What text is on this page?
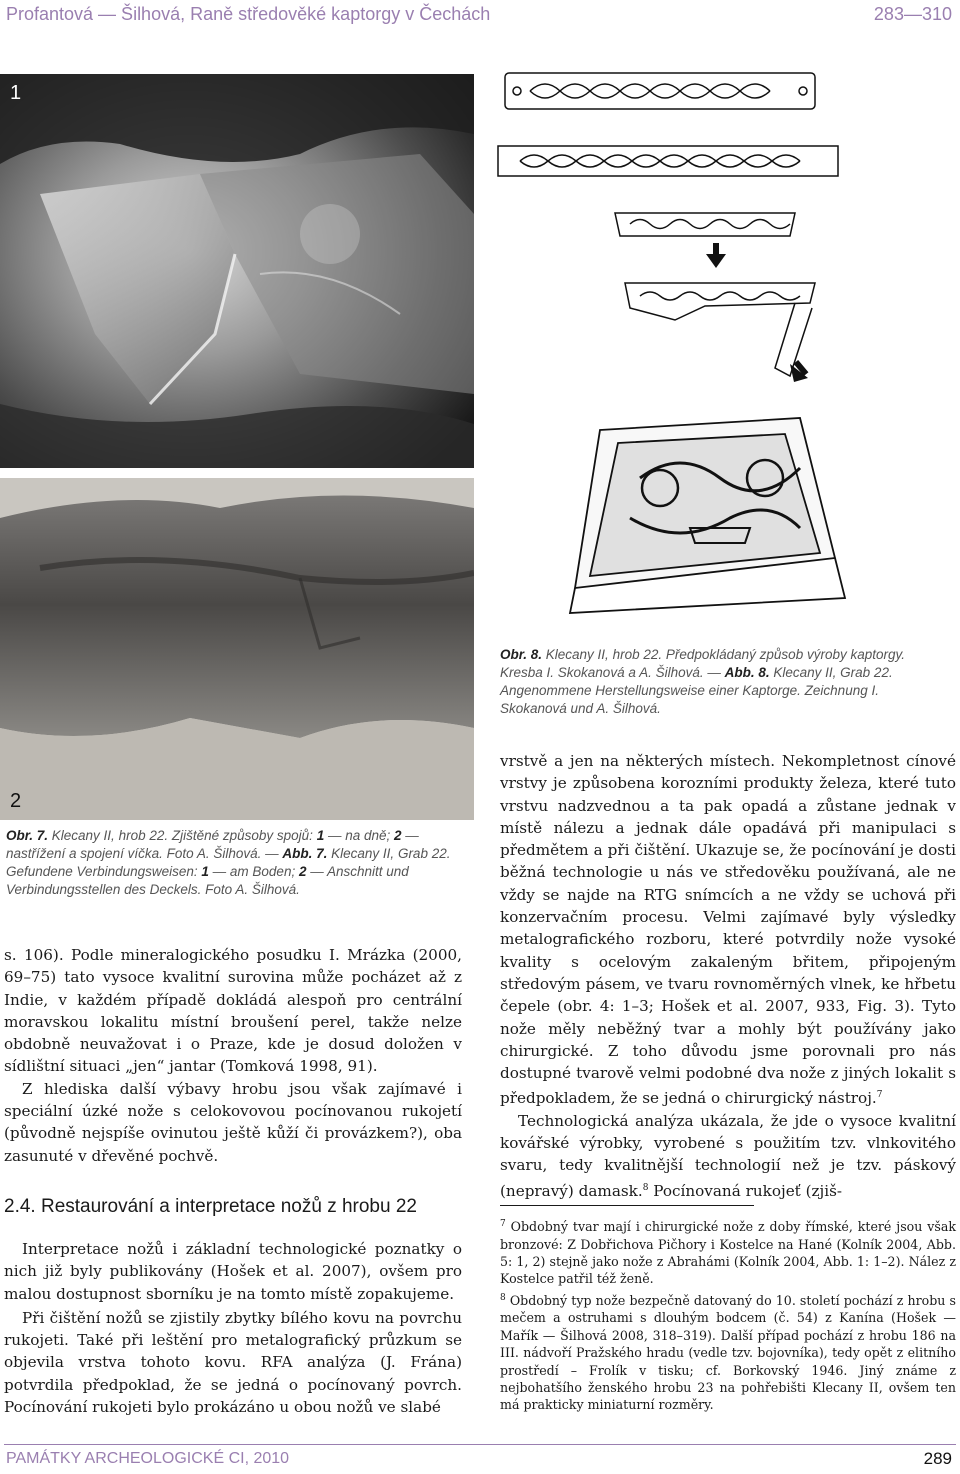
Profantová — Šilhová, Raně středověké kaptorgy v Čechách	283—310
1
2
Obr. 7. Klecany II, hrob 22. Zjištěné způsoby spojů: 1 — na dně; 2 — nastřížení a spojení víčka. Foto A. Šilhová. — Abb. 7. Klecany II, Grab 22. Gefundene Verbindungsweisen: 1 — am Boden; 2 — Anschnitt und Verbindungsstellen des Deckels. Foto A. Šilhová.
Obr. 8. Klecany II, hrob 22. Předpokládaný způsob výroby kaptorgy. Kresba I. Skokanová a A. Šilhová. — Abb. 8. Klecany II, Grab 22. Angenommene Herstellungsweise einer Kaptorge. Zeichnung I. Skokanová und A. Šilhová.

s. 106). Podle mineralogického posudku I. Mrázka (2000, 69–75) tato vysoce kvalitní surovina může pocházet až z Indie, v každém případě dokládá alespoň pro centrální moravskou lokalitu místní broušení perel, takže nelze obdobně neuvažovat i o Praze, kde je dosud doložen v sídlištní situaci „jen“ jantar (Tomková 1998, 91).

Z hlediska další výbavy hrobu jsou však zajímavé i speciální úzké nože s celokovovou pocínovanou rukojetí (původně nejspíše ovinutou ještě kůží či provázkem?), oba zasunuté v dřevěné pochvě.

2.4. Restaurování a interpretace nožů z hrobu 22

Interpretace nožů i základní technologické poznatky o nich již byly publikovány (Hošek et al. 2007), ovšem pro malou dostupnost sborníku je na tomto místě zopakujeme.

Při čištění nožů se zjistily zbytky bílého kovu na povrchu rukojeti. Také při leštění pro metalografický průzkum se objevila vrstva tohoto kovu. RFA analýza (J. Frána) potvrdila předpoklad, že se jedná o pocínovaný povrch. Pocínování rukojeti bylo prokázáno u obou nožů ve slabé

vrstvě a jen na některých místech. Nekompletnost cínové vrstvy je způsobena korozními produkty železa, které tuto vrstvu nadzvednou a ta pak opadá a zůstane jednak v místě nálezu a jednak dále opadává při manipulaci s předmětem a při čištění. Ukazuje se, že pocínování je dosti běžná technologie u nás ve středověku používaná, ale ne vždy se najde na RTG snímcích a ne vždy se uchová při konzervačním procesu. Velmi zajímavé byly výsledky metalografického rozboru, které potvrdily nože vysoké kvality s ocelovým zakaleným břitem, připojeným středovým pásem, ve tvaru rovnoměrných vlnek, ke hřbetu čepele (obr. 4: 1–3; Hošek et al. 2007, 933, Fig. 3). Tyto nože měly neběžný tvar a mohly být používány jako chirurgické. Z toho důvodu jsme porovnali pro nás dostupné tvarově velmi podobné dva nože z jiných lokalit s předpokladem, že se jedná o chirurgický nástroj.$^7$

Technologická analýza ukázala, že jde o vysoce kvalitní kovářské výrobky, vyrobené s použitím tzv. vlnkovitého svaru, tedy kvalitnější technologií než je tzv. páskový (nepravý) damask.$^8$ Pocínovaná rukojeť (zjiš-

$^7$ Obdobný tvar mají i chirurgické nože z doby římské, které jsou však bronzové: Z Dobřichova Pičhory i Kostelce na Hané (Kolník 2004, Abb. 5: 1, 2) stejně jako nože z Abrahámi (Kolník 2004, Abb. 1: 1–2). Nález z Kostelce patřil též ženě.

$^8$ Obdobný typ nože bezpečně datovaný do 10. století pochází z hrobu s mečem a ostruhami s dlouhým bodcem (č. 54) z Kanína (Hošek — Mařík — Šilhová 2008, 318–319). Další případ pochází z hrobu 186 na III. nádvoří Pražského hradu (vedle tzv. bojovníka), tedy opět z elitního prostředí – Frolík v tisku; cf. Borkovský 1946. Jiný známe z nejbohatšího ženského hrobu 23 na pohřebišti Klecany II, ovšem ten má prakticky miniaturní rozměry.

PAMÁTKY ARCHEOLOGICKÉ CI, 2010	289
